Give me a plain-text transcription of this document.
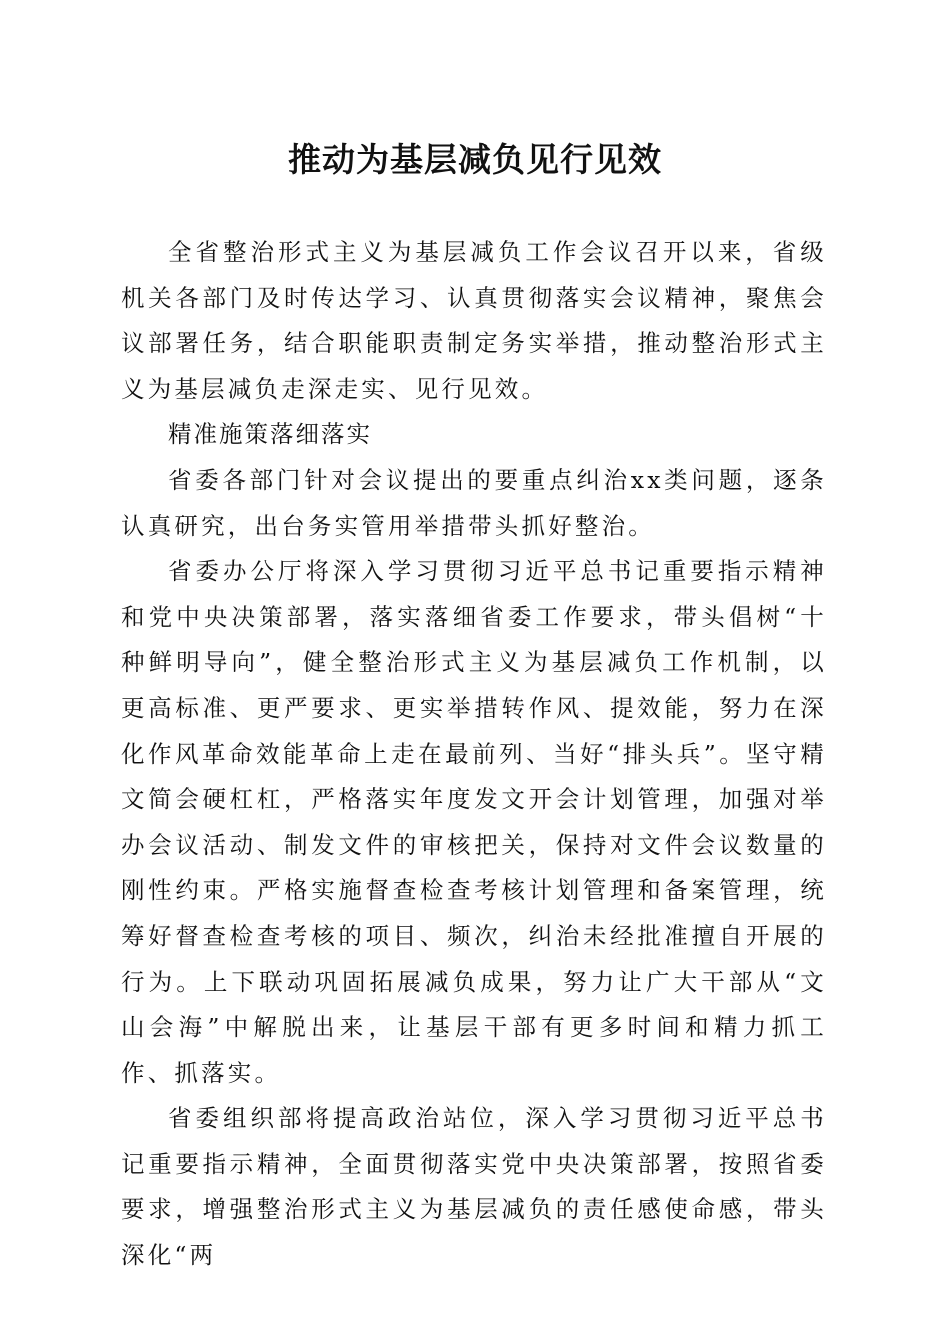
推动为基层减负见行见效

全省整治形式主义为基层减负工作会议召开以来，省级机关各部门及时传达学习、认真贯彻落实会议精神，聚焦会议部署任务，结合职能职责制定务实举措，推动整治形式主义为基层减负走深走实、见行见效。

精准施策落细落实

省委各部门针对会议提出的要重点纠治xx类问题，逐条认真研究，出台务实管用举措带头抓好整治。

省委办公厅将深入学习贯彻习近平总书记重要指示精神和党中央决策部署，落实落细省委工作要求，带头倡树“十种鲜明导向”，健全整治形式主义为基层减负工作机制，以更高标准、更严要求、更实举措转作风、提效能，努力在深化作风革命效能革命上走在最前列、当好“排头兵”。坚守精文简会硬杠杠，严格落实年度发文开会计划管理，加强对举办会议活动、制发文件的审核把关，保持对文件会议数量的刚性约束。严格实施督查检查考核计划管理和备案管理，统筹好督查检查考核的项目、频次，纠治未经批准擅自开展的行为。上下联动巩固拓展减负成果，努力让广大干部从“文山会海”中解脱出来，让基层干部有更多时间和精力抓工作、抓落实。

省委组织部将提高政治站位，深入学习贯彻习近平总书记重要指示精神，全面贯彻落实党中央决策部署，按照省委要求，增强整治形式主义为基层减负的责任感使命感，带头深化“两
